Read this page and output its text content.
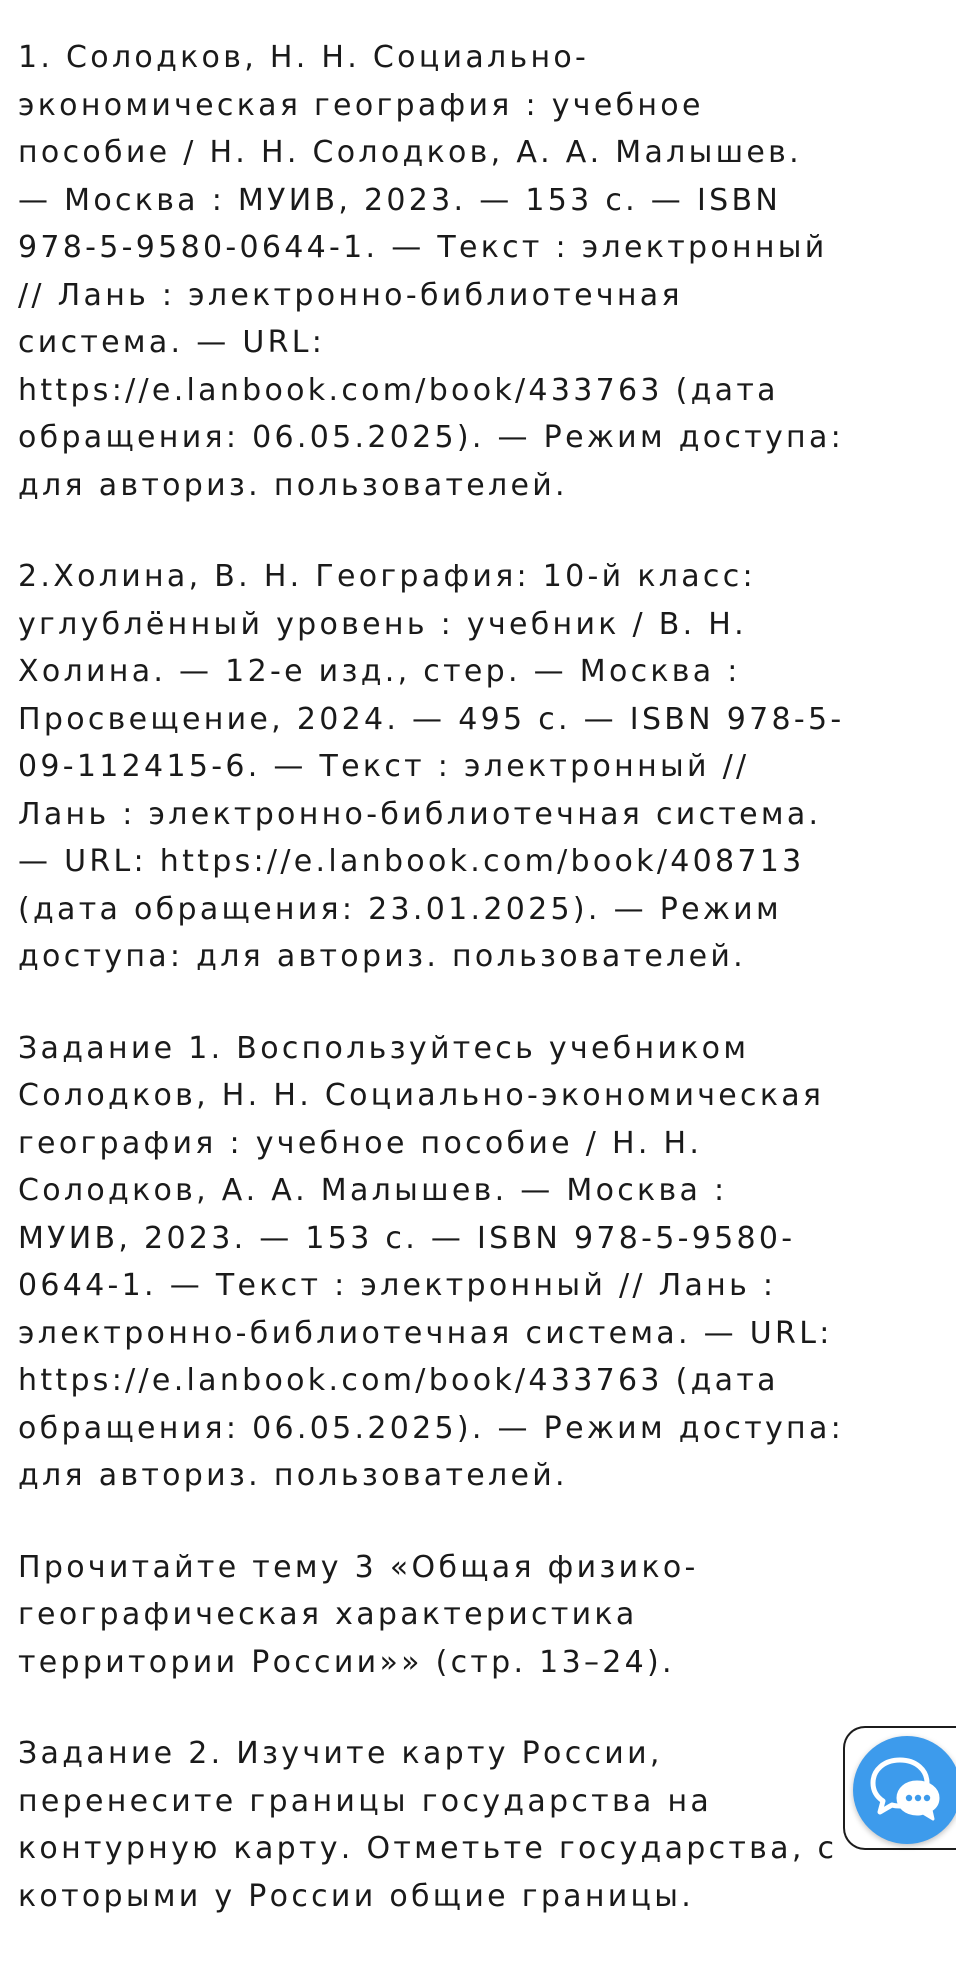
1. Солодков, Н. Н. Социально-
экономическая география : учебное
пособие / Н. Н. Солодков, А. А. Малышев.
— Москва : МУИВ, 2023. — 153 с. — ISBN
978-5-9580-0644-1. — Текст : электронный
// Лань : электронно-библиотечная
система. — URL:
https://e.lanbook.com/book/433763 (дата
обращения: 06.05.2025). — Режим доступа:
для авториз. пользователей.

2.Холина, В. Н. География: 10-й класс:
углублённый уровень : учебник / В. Н.
Холина. — 12-е изд., стер. — Москва :
Просвещение, 2024. — 495 с. — ISBN 978-5-
09-112415-6. — Текст : электронный //
Лань : электронно-библиотечная система.
— URL: https://e.lanbook.com/book/408713
(дата обращения: 23.01.2025). — Режим
доступа: для авториз. пользователей.

Задание 1. Воспользуйтесь учебником
Солодков, Н. Н. Социально-экономическая
география : учебное пособие / Н. Н.
Солодков, А. А. Малышев. — Москва :
МУИВ, 2023. — 153 с. — ISBN 978-5-9580-
0644-1. — Текст : электронный // Лань :
электронно-библиотечная система. — URL:
https://e.lanbook.com/book/433763 (дата
обращения: 06.05.2025). — Режим доступа:
для авториз. пользователей.

Прочитайте тему 3 «Общая физико-
географическая характеристика
территории России»» (стр. 13–24).

Задание 2. Изучите карту России,
перенесите границы государства на
контурную карту. Отметьте государства, с
которыми у России общие границы.
